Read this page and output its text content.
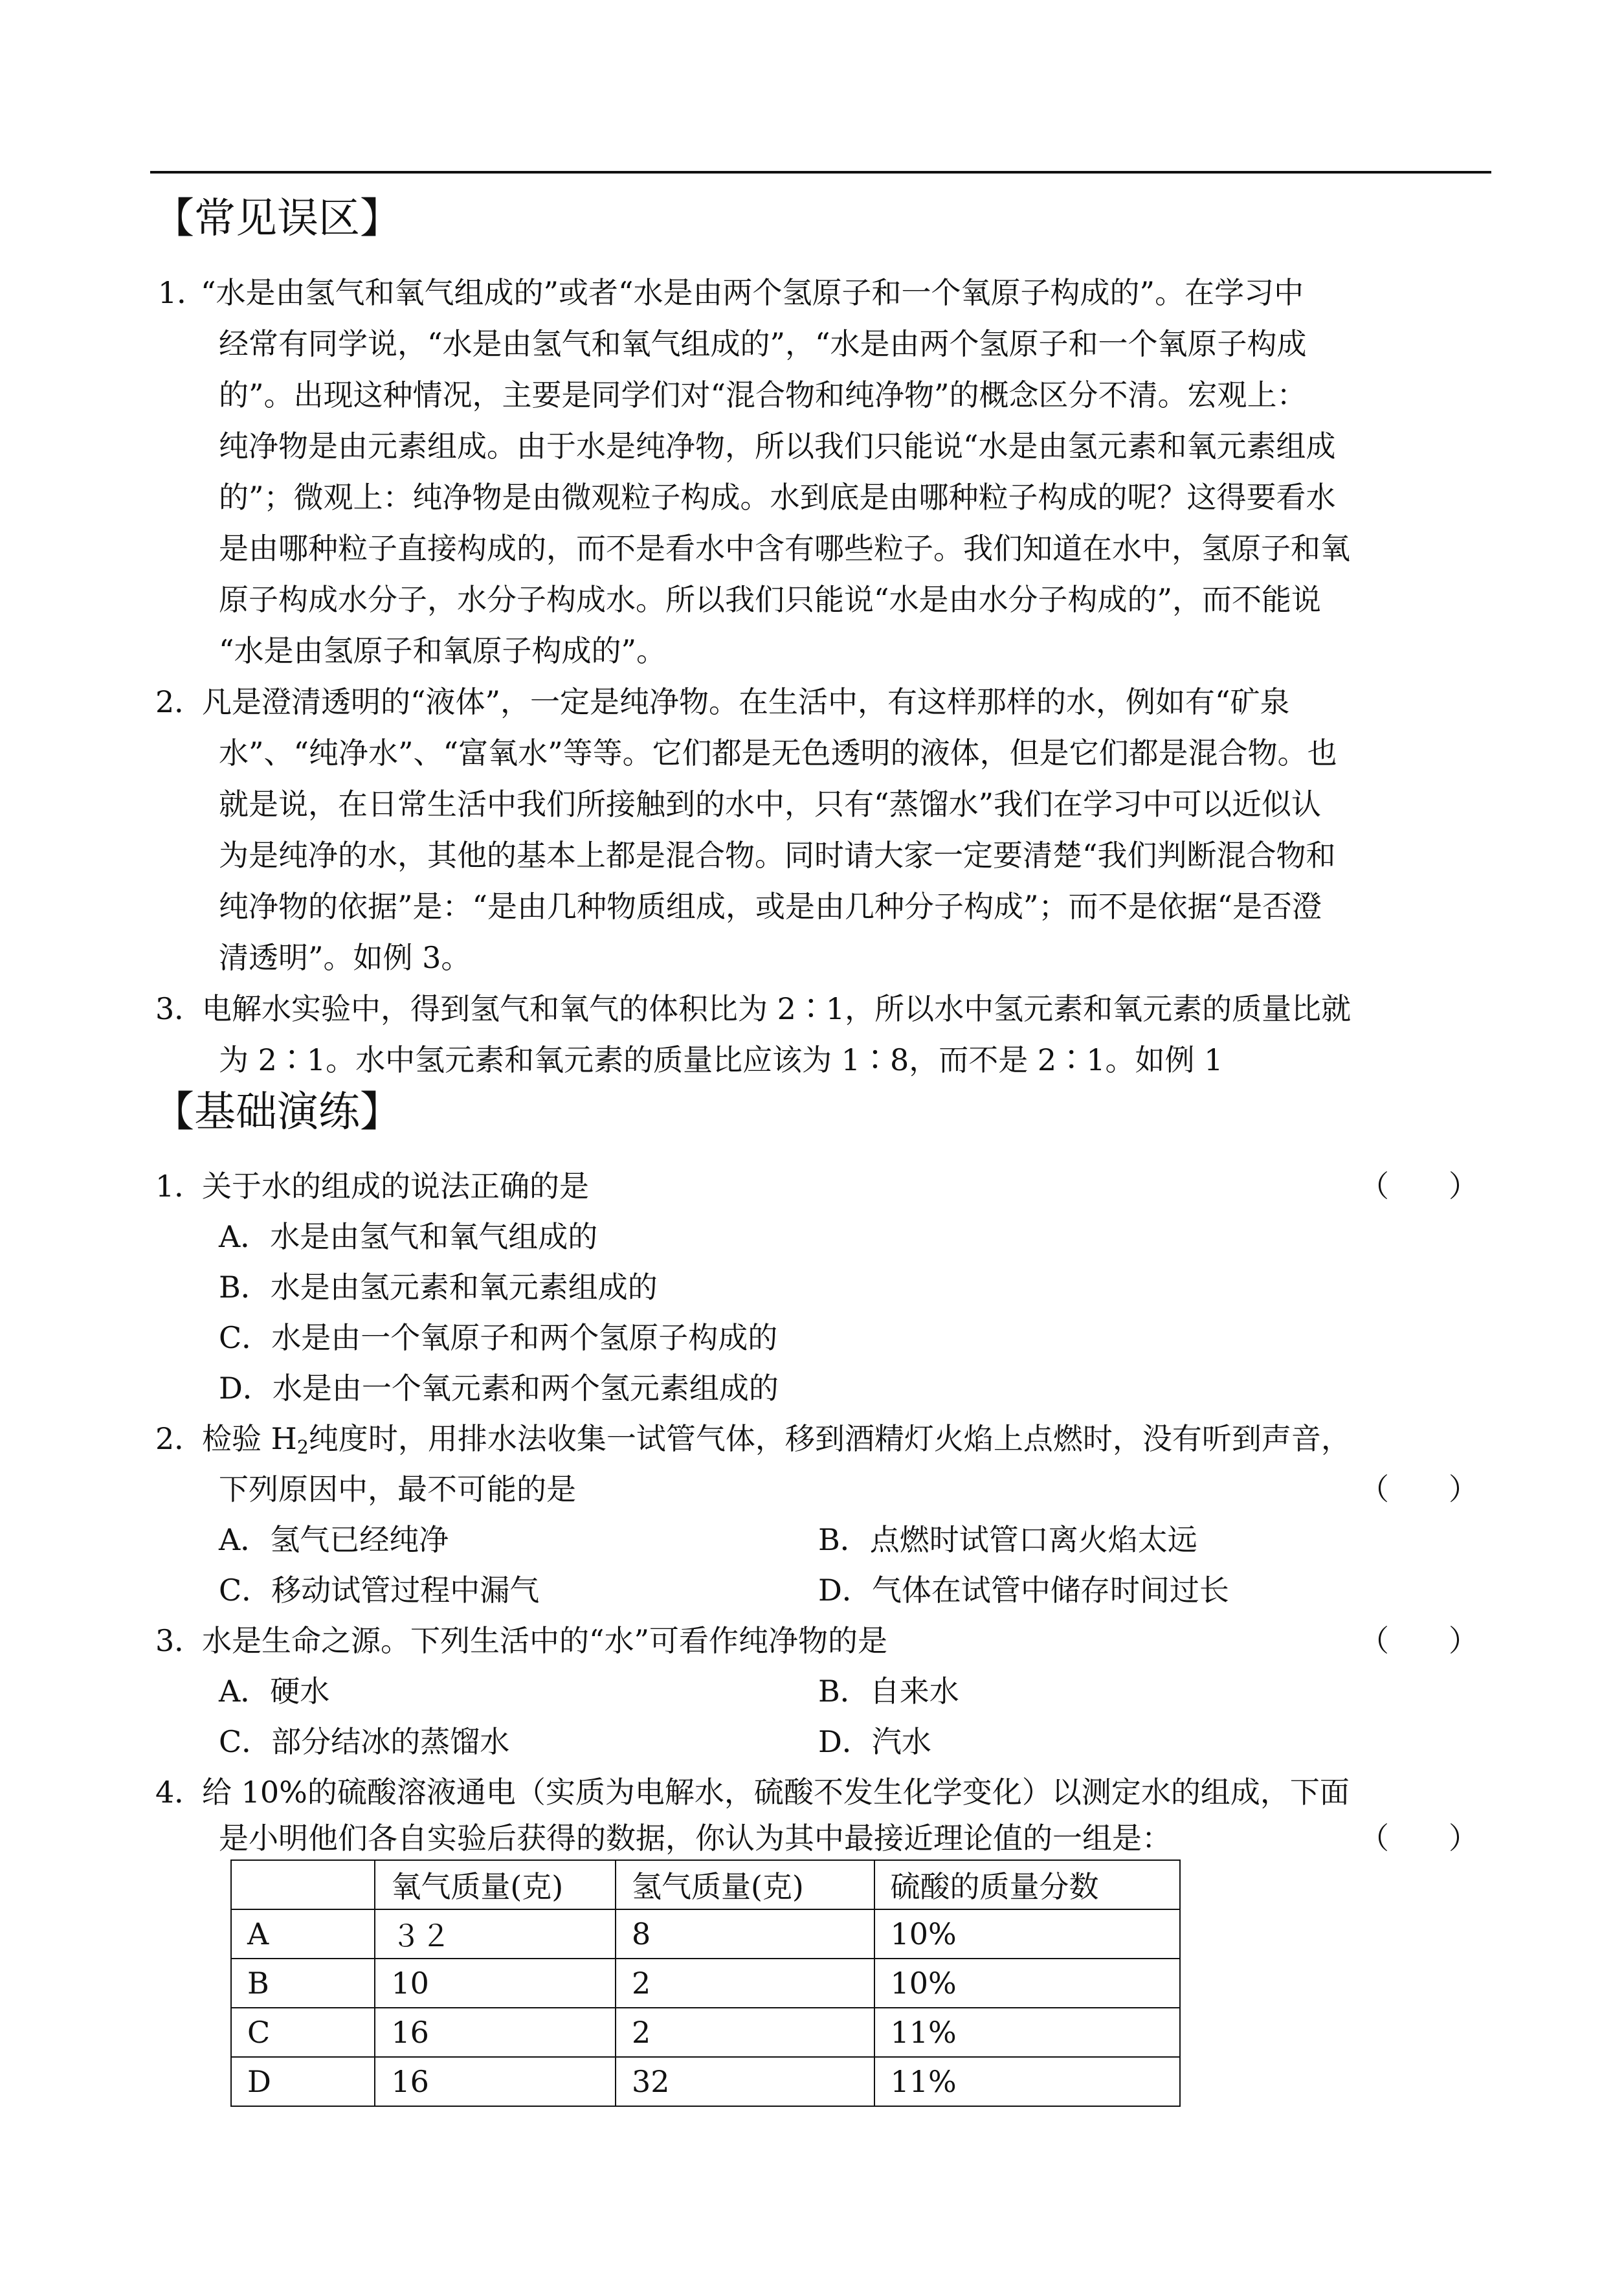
【常见误区】
1．
“水是由氢气和氧气组成的”或者“水是由两个氢原子和一个氧原子构成的”。在学习中
经常有同学说，“水是由氢气和氧气组成的”，“水是由两个氢原子和一个氧原子构成
的”。出现这种情况，主要是同学们对“混合物和纯净物”的概念区分不清。宏观上：
纯净物是由元素组成。由于水是纯净物，所以我们只能说“水是由氢元素和氧元素组成
的”；微观上：纯净物是由微观粒子构成。水到底是由哪种粒子构成的呢？这得要看水
是由哪种粒子直接构成的，而不是看水中含有哪些粒子。我们知道在水中，氢原子和氧
原子构成水分子，水分子构成水。所以我们只能说“水是由水分子构成的”，而不能说
“水是由氢原子和氧原子构成的”。
2．
凡是澄清透明的“液体”，一定是纯净物。在生活中，有这样那样的水，例如有“矿泉
水”、“纯净水”、“富氧水”等等。它们都是无色透明的液体，但是它们都是混合物。也
就是说，在日常生活中我们所接触到的水中，只有“蒸馏水”我们在学习中可以近似认
为是纯净的水，其他的基本上都是混合物。同时请大家一定要清楚“我们判断混合物和
纯净物的依据”是：“是由几种物质组成，或是由几种分子构成”；而不是依据“是否澄
清透明”。如例 3。
3．
电解水实验中，得到氢气和氧气的体积比为 2∶1，所以水中氢元素和氧元素的质量比就
为 2∶1。水中氢元素和氧元素的质量比应该为 1∶8，而不是 2∶1。如例 1
【基础演练】
1．
关于水的组成的说法正确的是	（　　）
A．水是由氢气和氧气组成的
B．水是由氢元素和氧元素组成的
C．水是由一个氧原子和两个氢原子构成的
D．水是由一个氧元素和两个氢元素组成的
2．
检验 $H_2$纯度时，用排水法收集一试管气体，移到酒精灯火焰上点燃时，没有听到声音，
下列原因中，最不可能的是	（　　）
A．氢气已经纯净	B．点燃时试管口离火焰太远
C．移动试管过程中漏气	D．气体在试管中储存时间过长
3．
水是生命之源。下列生活中的“水”可看作纯净物的是	（　　）
A．硬水	B．自来水
C．部分结冰的蒸馏水	D．汽水
4．
给 10%的硫酸溶液通电（实质为电解水，硫酸不发生化学变化）以测定水的组成，下面
是小明他们各自实验后获得的数据，你认为其中最接近理论值的一组是：	（　　）
	氧气质量(克)	氢气质量(克)	硫酸的质量分数
A	３２	8	10%
B	10	2	10%
C	16	2	11%
D	16	32	11%
